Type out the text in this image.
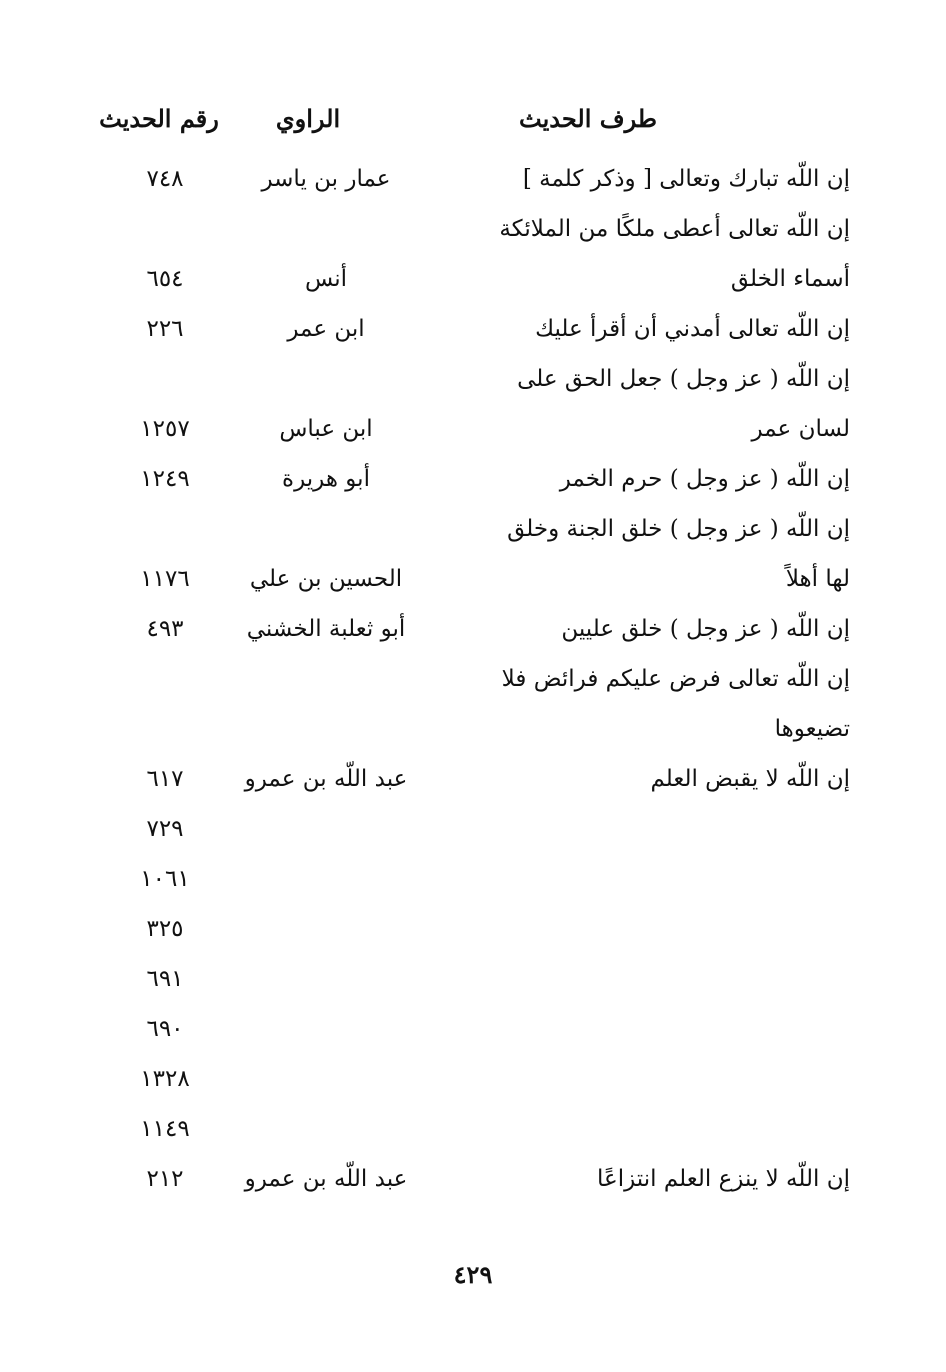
طرف الحديث
الراوي
رقم الحديث
إن اللّه تبارك وتعالى [ وذكر كلمة ]
عمار بن ياسر
٧٤٨
إن اللّه تعالى أعطى ملكًا من الملائكة
أسماء الخلق
أنس
٦٥٤
إن اللّه تعالى أمدني أن أقرأ عليك
ابن عمر
٢٢٦
إن اللّه ( عز وجل ) جعل الحق على
لسان عمر
ابن عباس
١٢٥٧
إن اللّه ( عز وجل ) حرم الخمر
أبو هريرة
١٢٤٩
إن اللّه ( عز وجل ) خلق الجنة وخلق
لها أهلاً
الحسين بن علي
١١٧٦
إن اللّه ( عز وجل ) خلق عليين
أبو ثعلبة الخشني
٤٩٣
إن اللّه تعالى فرض عليكم فرائض فلا
تضيعوها
إن اللّه لا يقبض العلم
عبد اللّه بن عمرو
٦١٧
٧٢٩
١٠٦١
٣٢٥
٦٩١
٦٩٠
١٣٢٨
١١٤٩
إن اللّه لا ينزع العلم انتزاعًا
عبد اللّه بن عمرو
٢١٢
٤٢٩
